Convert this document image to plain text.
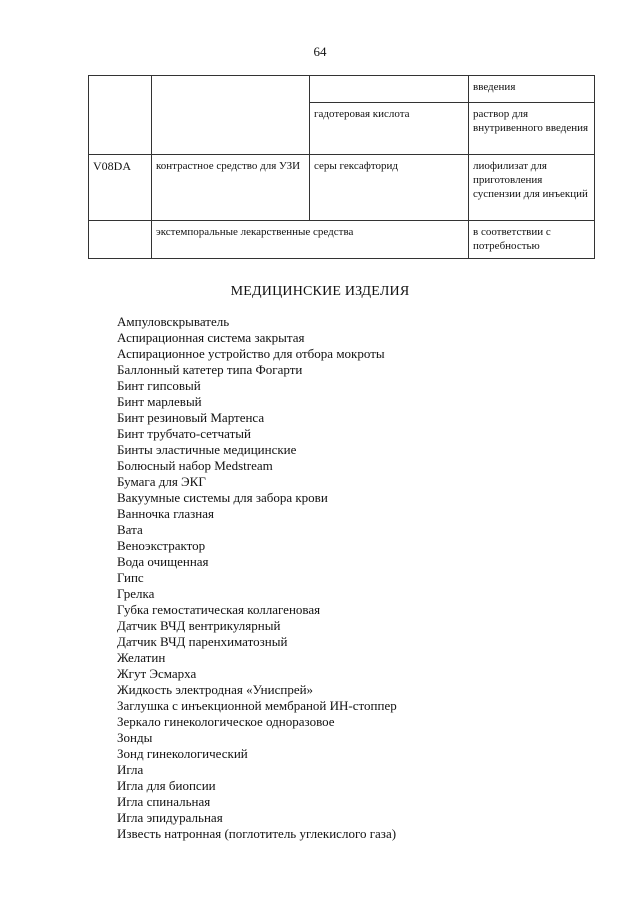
64
			введения
		гадотеровая кислота	раствор для внутривенного введения
V08DA	контрастное средство для УЗИ	серы гексафторид	лиофилизат для приготовления суспензии для инъекций
	экстемпоральные лекарственные средства		в соответствии с потребностью
МЕДИЦИНСКИЕ ИЗДЕЛИЯ
Ампуловскрыватель
Аспирационная система закрытая
Аспирационное устройство для отбора мокроты
Баллонный катетер типа Фогарти
Бинт гипсовый
Бинт марлевый
Бинт резиновый Мартенса
Бинт трубчато-сетчатый
Бинты эластичные медицинские
Болюсный набор Medstream
Бумага для ЭКГ
Вакуумные системы для забора крови
Ванночка глазная
Вата
Веноэкстрактор
Вода очищенная
Гипс
Грелка
Губка гемостатическая коллагеновая
Датчик ВЧД вентрикулярный
Датчик ВЧД паренхиматозный
Желатин
Жгут Эсмарха
Жидкость электродная «Униспрей»
Заглушка с инъекционной мембраной ИН-стоппер
Зеркало гинекологическое одноразовое
Зонды
Зонд гинекологический
Игла
Игла для биопсии
Игла спинальная
Игла эпидуральная
Известь натронная (поглотитель углекислого газа)
